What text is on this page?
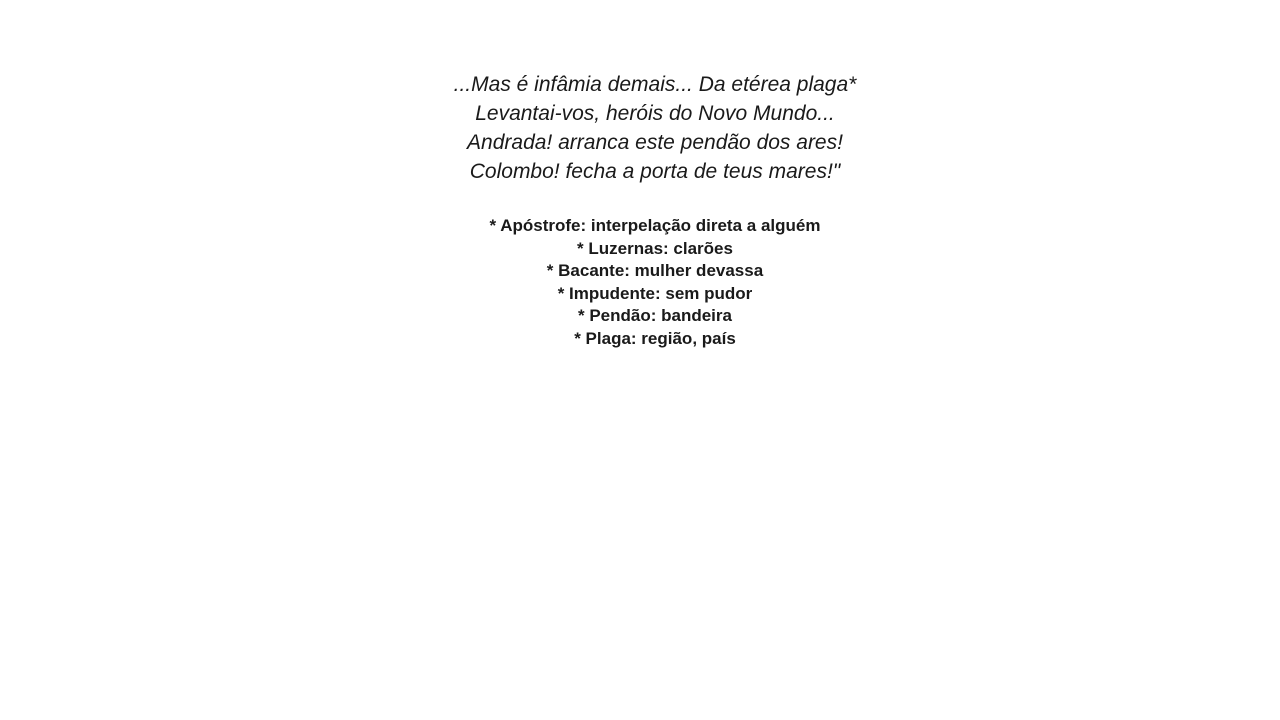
...Mas é infâmia demais... Da etérea plaga*
Levantai-vos, heróis do Novo Mundo...
Andrada! arranca este pendão dos ares!
Colombo! fecha a porta de teus mares!"
* Apóstrofe: interpelação direta a alguém
* Luzernas: clarões
* Bacante: mulher devassa
* Impudente: sem pudor
* Pendão: bandeira
* Plaga: região, país
